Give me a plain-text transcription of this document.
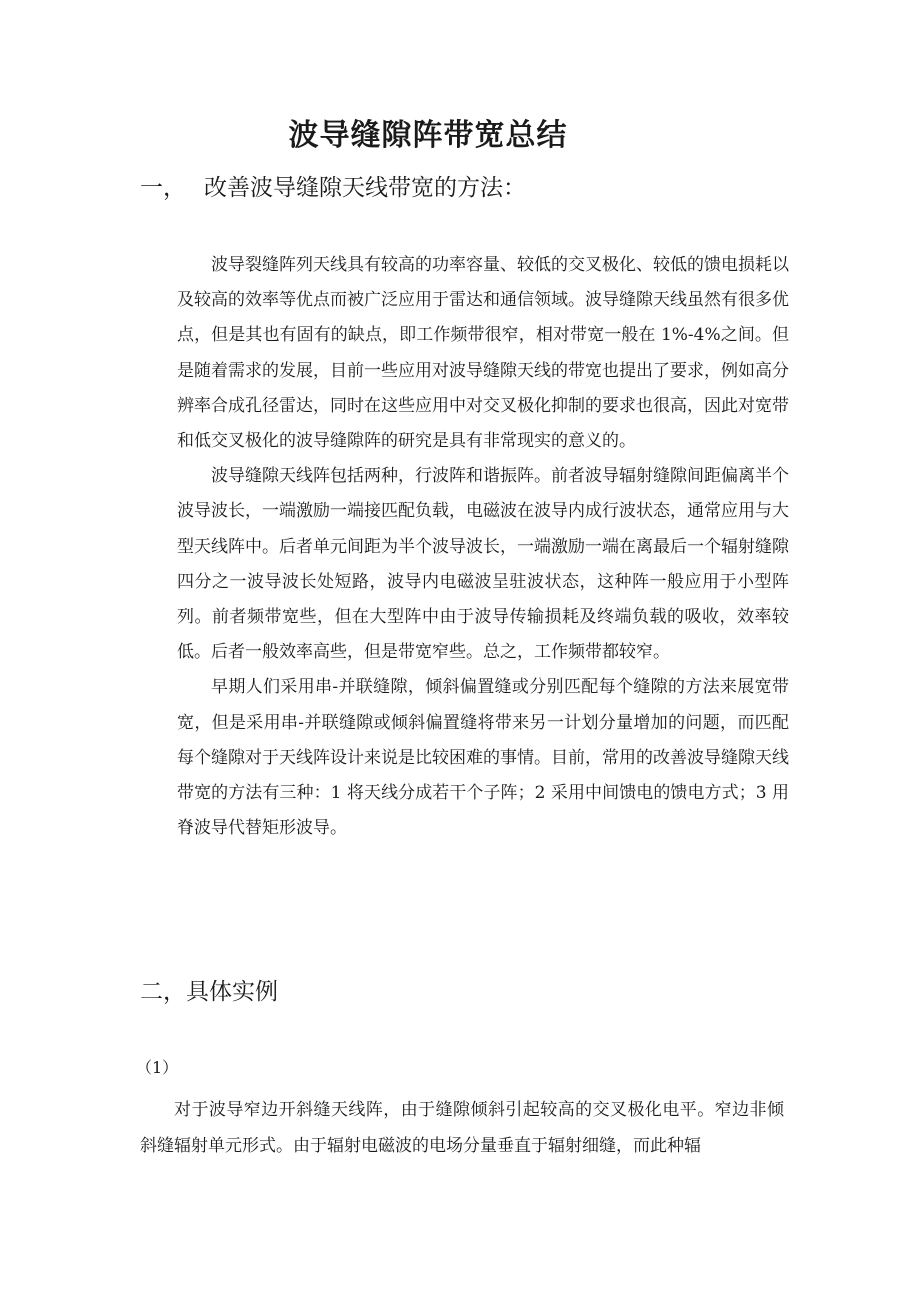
波导缝隙阵带宽总结
一， 改善波导缝隙天线带宽的方法：

波导裂缝阵列天线具有较高的功率容量、较低的交叉极化、较低的馈电损耗以及较高的效率等优点而被广泛应用于雷达和通信领域。波导缝隙天线虽然有很多优点，但是其也有固有的缺点，即工作频带很窄，相对带宽一般在 1%-4%之间。但是随着需求的发展，目前一些应用对波导缝隙天线的带宽也提出了要求，例如高分辨率合成孔径雷达，同时在这些应用中对交叉极化抑制的要求也很高，因此对宽带和低交叉极化的波导缝隙阵的研究是具有非常现实的意义的。

波导缝隙天线阵包括两种，行波阵和谐振阵。前者波导辐射缝隙间距偏离半个波导波长，一端激励一端接匹配负载，电磁波在波导内成行波状态，通常应用与大型天线阵中。后者单元间距为半个波导波长，一端激励一端在离最后一个辐射缝隙四分之一波导波长处短路，波导内电磁波呈驻波状态，这种阵一般应用于小型阵列。前者频带宽些，但在大型阵中由于波导传输损耗及终端负载的吸收，效率较低。后者一般效率高些，但是带宽窄些。总之，工作频带都较窄。

早期人们采用串-并联缝隙，倾斜偏置缝或分别匹配每个缝隙的方法来展宽带宽，但是采用串-并联缝隙或倾斜偏置缝将带来另一计划分量增加的问题，而匹配每个缝隙对于天线阵设计来说是比较困难的事情。目前，常用的改善波导缝隙天线带宽的方法有三种：1 将天线分成若干个子阵；2 采用中间馈电的馈电方式；3 用脊波导代替矩形波导。

二，具体实例
（1）

对于波导窄边开斜缝天线阵，由于缝隙倾斜引起较高的交叉极化电平。窄边非倾斜缝辐射单元形式。由于辐射电磁波的电场分量垂直于辐射细缝，而此种辐
